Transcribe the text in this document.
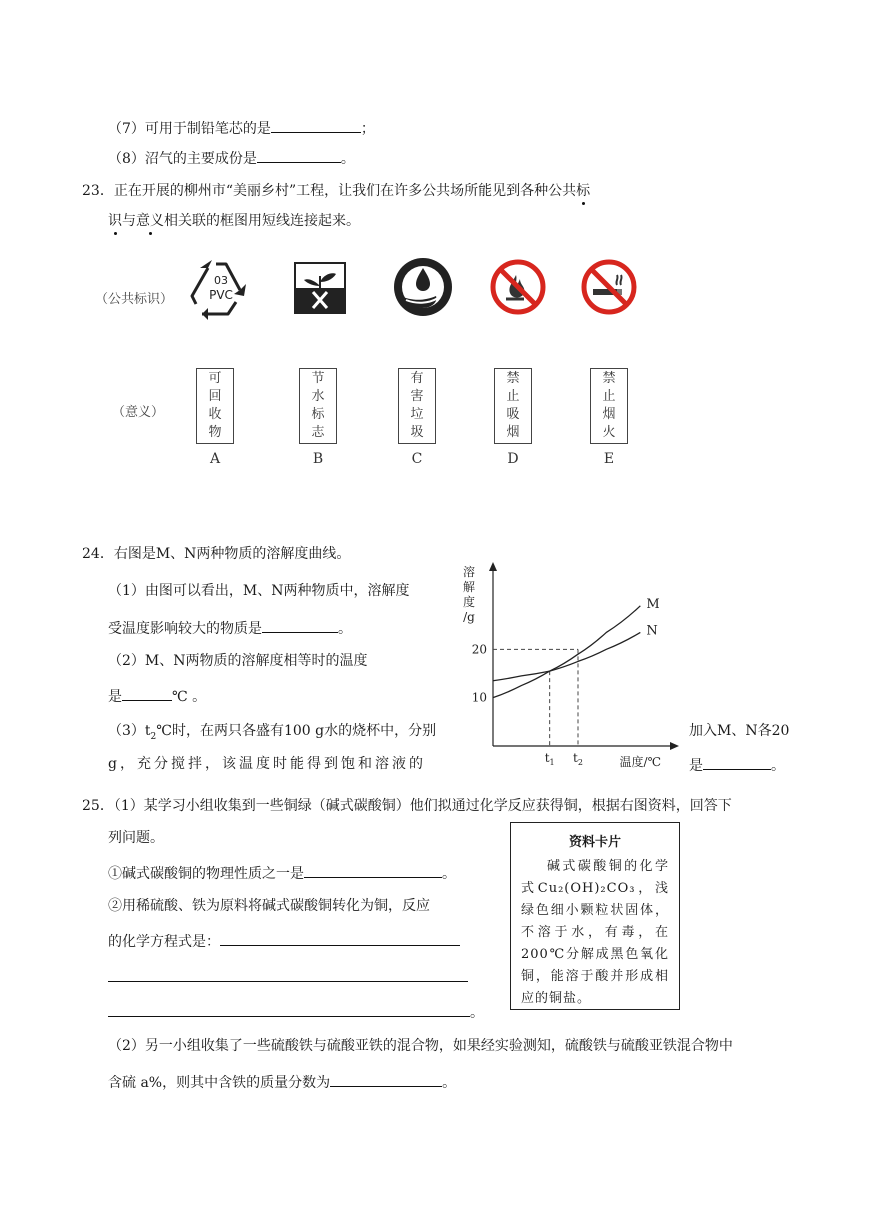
（7）可用于制铅笔芯的是	；
（8）沼气的主要成份是	。
23．正在开展的柳州市“美丽乡村”工程，让我们在许多公共场所能见到各种公共标
识与意义相关联的框图用短线连接起来。
（公共标识）
03
PVC
（意义）
可
回
收
物
A
节
水
标
志
B
有
害
垃
圾
C
禁
止
吸
烟
D
禁
止
烟
火
E
24．右图是M、N两种物质的溶解度曲线。
（1）由图可以看出，M、N两种物质中，溶解度
受温度影响较大的物质是	。
（2）M、N两物质的溶解度相等时的温度
是	℃ 。
$(3)t_2℃$时，在两只各盛有100 g水的烧杯中，分别	加入M、N各20
g，充分搅拌，该温度时能得到饱和溶液的	是	。
溶
解
度
/g
温度/℃
10
20
$t_1$ $t_2$
M
N
25．（1）某学习小组收集到一些铜绿（碱式碳酸铜）他们拟通过化学反应获得铜，根据右图资料，回答下
列问题。
①碱式碳酸铜的物理性质之一是	。
②用稀硫酸、铁为原料将碱式碳酸铜转化为铜，反应
的化学方程式是：
。
资料卡片
碱式碳酸铜的化学式Cu₂(OH)₂CO₃，浅绿色细小颗粒状固体，不溶于水，有毒，在200℃分解成黑色氧化铜，能溶于酸并形成相应的铜盐。
（2）另一小组收集了一些硫酸铁与硫酸亚铁的混合物，如果经实验测知，硫酸铁与硫酸亚铁混合物中
含硫 a%，则其中含铁的质量分数为	。
